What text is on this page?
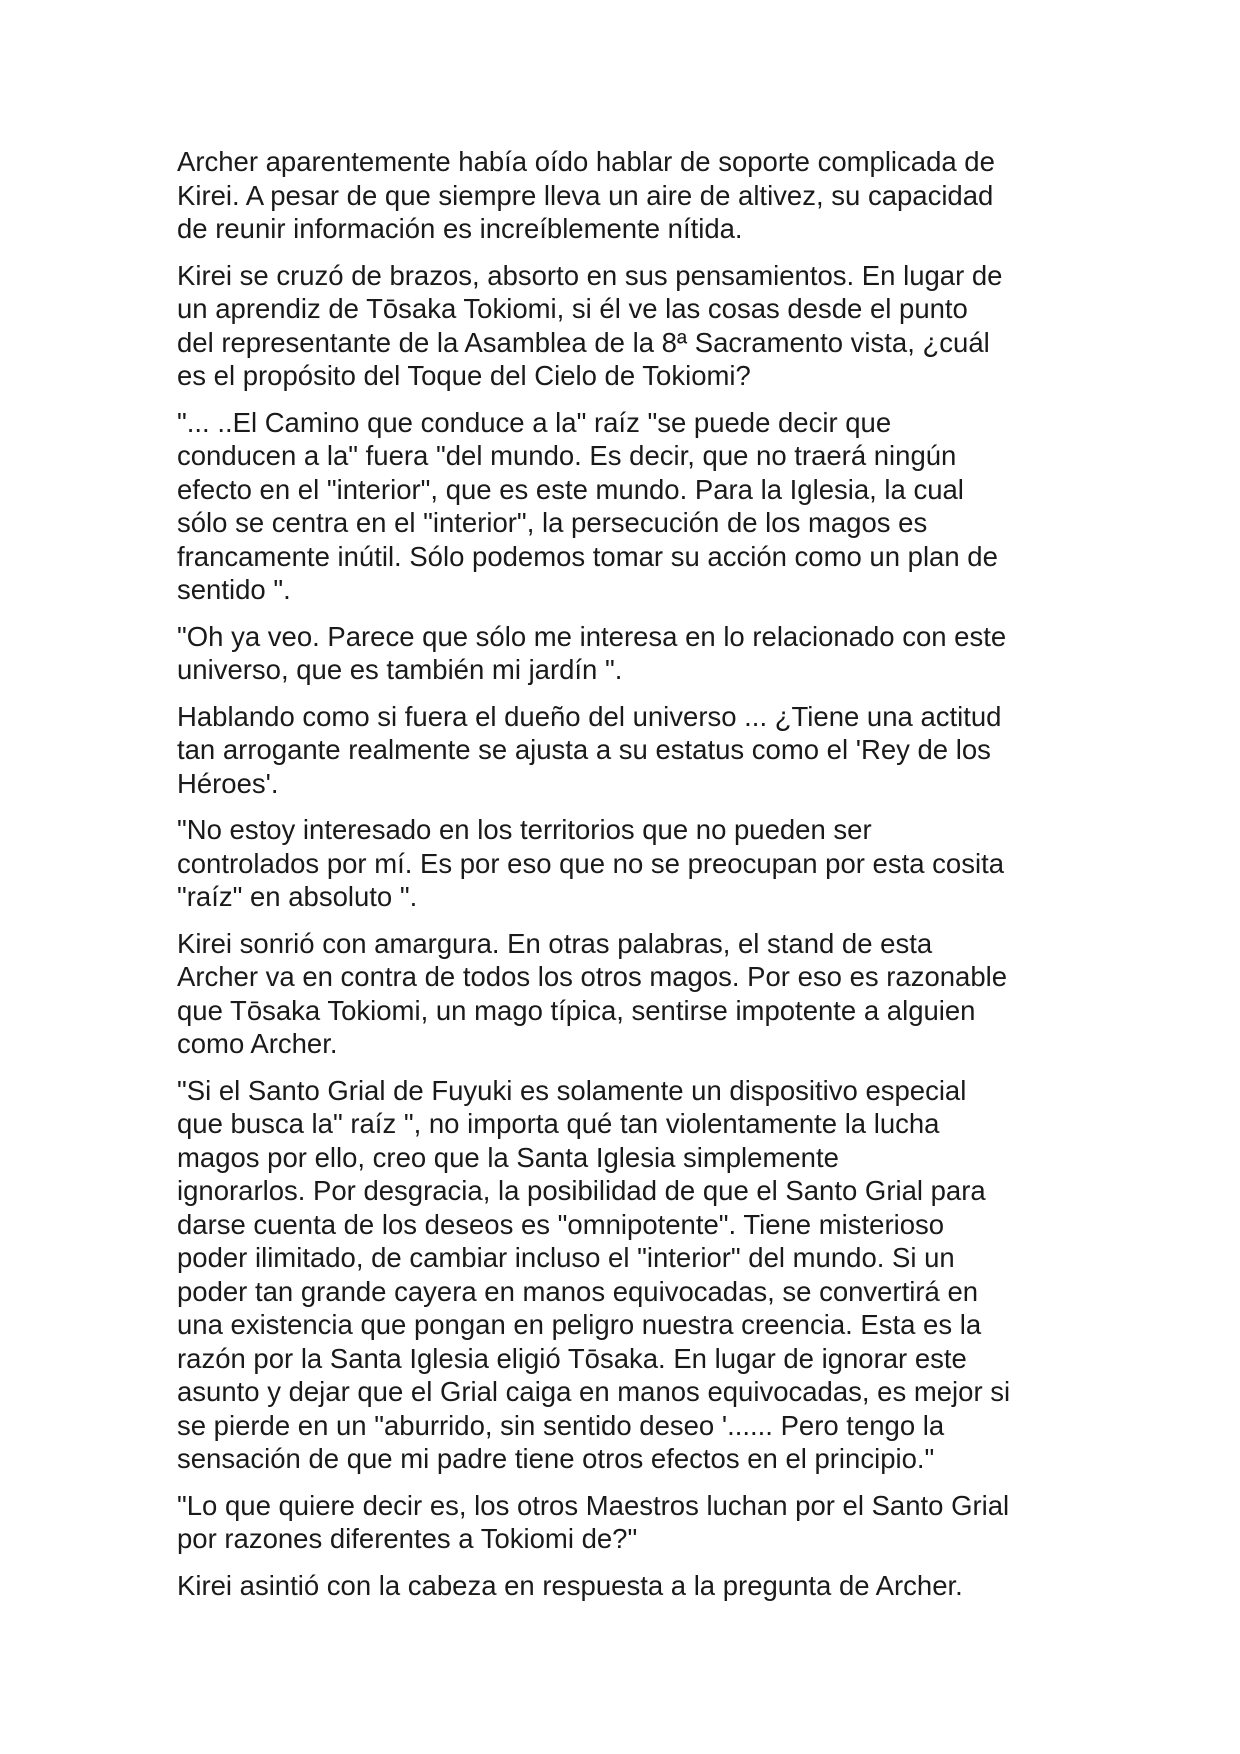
Archer aparentemente había oído hablar de soporte complicada de
Kirei. A pesar de que siempre lleva un aire de altivez, su capacidad
de reunir información es increíblemente nítida.

Kirei se cruzó de brazos, absorto en sus pensamientos. En lugar de
un aprendiz de Tōsaka Tokiomi, si él ve las cosas desde el punto
del representante de la Asamblea de la 8ª Sacramento vista, ¿cuál
es el propósito del Toque del Cielo de Tokiomi?

"... ..El Camino que conduce a la" raíz "se puede decir que
conducen a la" fuera "del mundo. Es decir, que no traerá ningún
efecto en el "interior", que es este mundo. Para la Iglesia, la cual
sólo se centra en el "interior", la persecución de los magos es
francamente inútil. Sólo podemos tomar su acción como un plan de
sentido ".

"Oh ya veo. Parece que sólo me interesa en lo relacionado con este
universo, que es también mi jardín ".

Hablando como si fuera el dueño del universo ... ¿Tiene una actitud
tan arrogante realmente se ajusta a su estatus como el 'Rey de los
Héroes'.

"No estoy interesado en los territorios que no pueden ser
controlados por mí. Es por eso que no se preocupan por esta cosita
"raíz" en absoluto ".

Kirei sonrió con amargura. En otras palabras, el stand de esta
Archer va en contra de todos los otros magos. Por eso es razonable
que Tōsaka Tokiomi, un mago típica, sentirse impotente a alguien
como Archer.

"Si el Santo Grial de Fuyuki es solamente un dispositivo especial
que busca la" raíz ", no importa qué tan violentamente la lucha
magos por ello, creo que la Santa Iglesia simplemente
ignorarlos. Por desgracia, la posibilidad de que el Santo Grial para
darse cuenta de los deseos es "omnipotente". Tiene misterioso
poder ilimitado, de cambiar incluso el "interior" del mundo. Si un
poder tan grande cayera en manos equivocadas, se convertirá en
una existencia que pongan en peligro nuestra creencia. Esta es la
razón por la Santa Iglesia eligió Tōsaka. En lugar de ignorar este
asunto y dejar que el Grial caiga en manos equivocadas, es mejor si
se pierde en un "aburrido, sin sentido deseo '...... Pero tengo la
sensación de que mi padre tiene otros efectos en el principio."

"Lo que quiere decir es, los otros Maestros luchan por el Santo Grial
por razones diferentes a Tokiomi de?"

Kirei asintió con la cabeza en respuesta a la pregunta de Archer.
